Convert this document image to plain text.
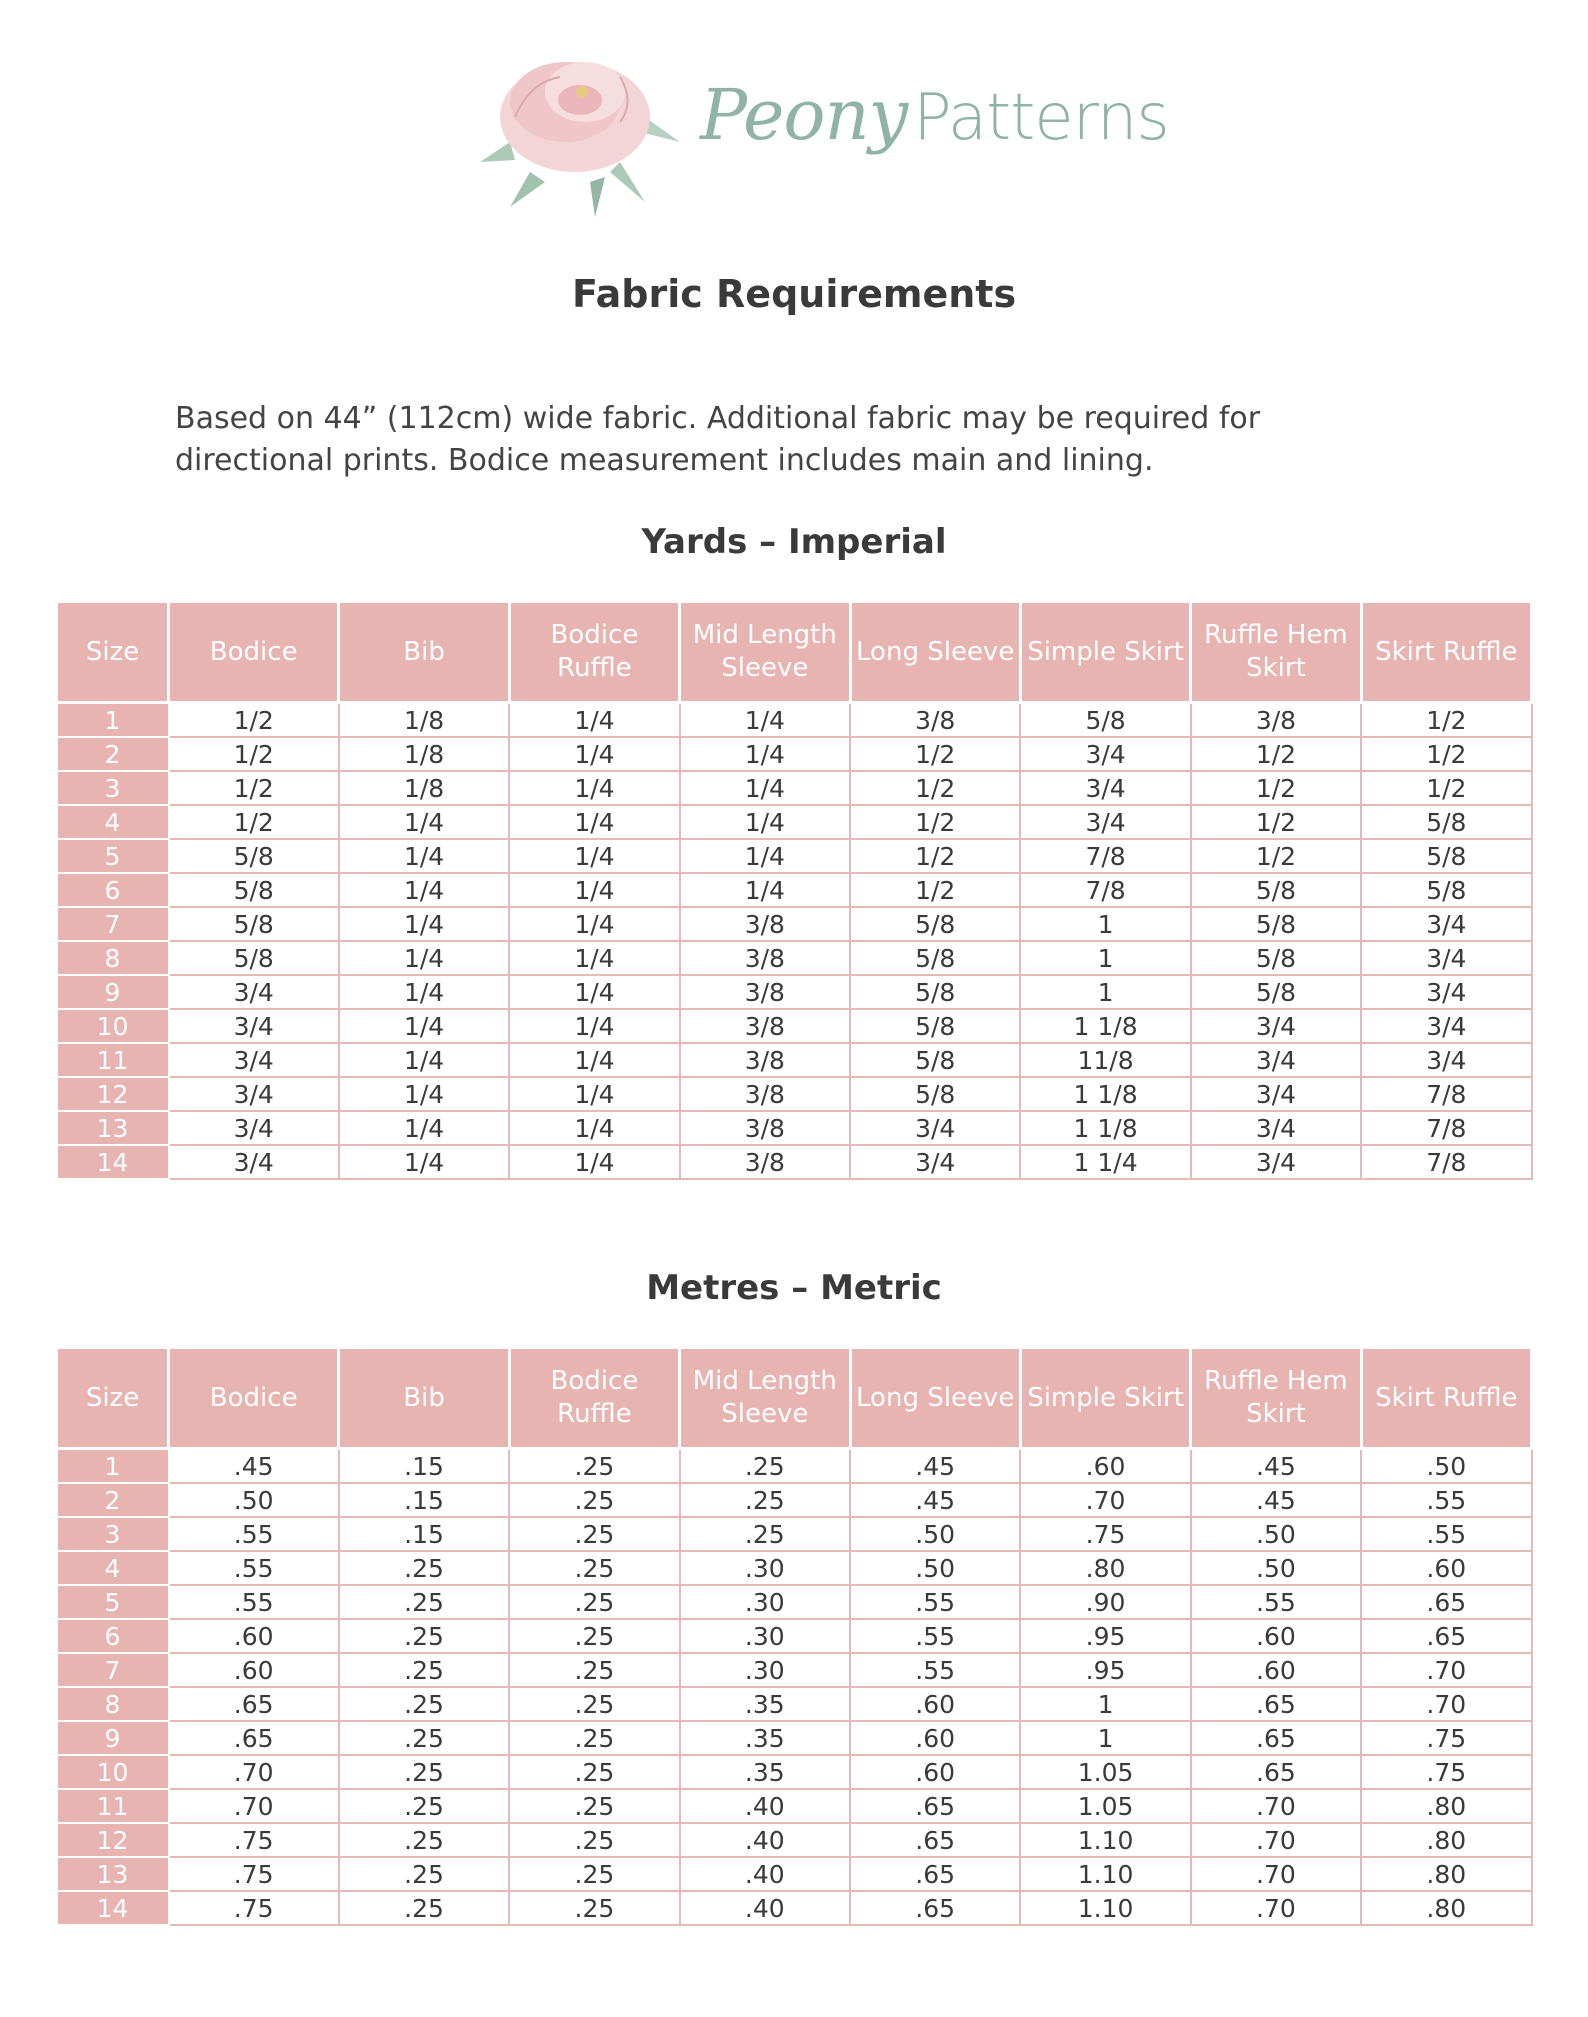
PeonyPatterns
Fabric Requirements
Based on 44” (112cm) wide fabric. Additional fabric may be required for directional prints. Bodice measurement includes main and lining.
Yards – Imperial
Size	Bodice	Bib	Bodice Ruffle	Mid Length Sleeve	Long Sleeve	Simple Skirt	Ruffle Hem Skirt	Skirt Ruffle
1	1/2	1/8	1/4	1/4	3/8	5/8	3/8	1/2
2	1/2	1/8	1/4	1/4	1/2	3/4	1/2	1/2
3	1/2	1/8	1/4	1/4	1/2	3/4	1/2	1/2
4	1/2	1/4	1/4	1/4	1/2	3/4	1/2	5/8
5	5/8	1/4	1/4	1/4	1/2	7/8	1/2	5/8
6	5/8	1/4	1/4	1/4	1/2	7/8	5/8	5/8
7	5/8	1/4	1/4	3/8	5/8	1	5/8	3/4
8	5/8	1/4	1/4	3/8	5/8	1	5/8	3/4
9	3/4	1/4	1/4	3/8	5/8	1	5/8	3/4
10	3/4	1/4	1/4	3/8	5/8	1 1/8	3/4	3/4
11	3/4	1/4	1/4	3/8	5/8	11/8	3/4	3/4
12	3/4	1/4	1/4	3/8	5/8	1 1/8	3/4	7/8
13	3/4	1/4	1/4	3/8	3/4	1 1/8	3/4	7/8
14	3/4	1/4	1/4	3/8	3/4	1 1/4	3/4	7/8
Metres – Metric
Size	Bodice	Bib	Bodice Ruffle	Mid Length Sleeve	Long Sleeve	Simple Skirt	Ruffle Hem Skirt	Skirt Ruffle
1	.45	.15	.25	.25	.45	.60	.45	.50
2	.50	.15	.25	.25	.45	.70	.45	.55
3	.55	.15	.25	.25	.50	.75	.50	.55
4	.55	.25	.25	.30	.50	.80	.50	.60
5	.55	.25	.25	.30	.55	.90	.55	.65
6	.60	.25	.25	.30	.55	.95	.60	.65
7	.60	.25	.25	.30	.55	.95	.60	.70
8	.65	.25	.25	.35	.60	1	.65	.70
9	.65	.25	.25	.35	.60	1	.65	.75
10	.70	.25	.25	.35	.60	1.05	.65	.75
11	.70	.25	.25	.40	.65	1.05	.70	.80
12	.75	.25	.25	.40	.65	1.10	.70	.80
13	.75	.25	.25	.40	.65	1.10	.70	.80
14	.75	.25	.25	.40	.65	1.10	.70	.80
